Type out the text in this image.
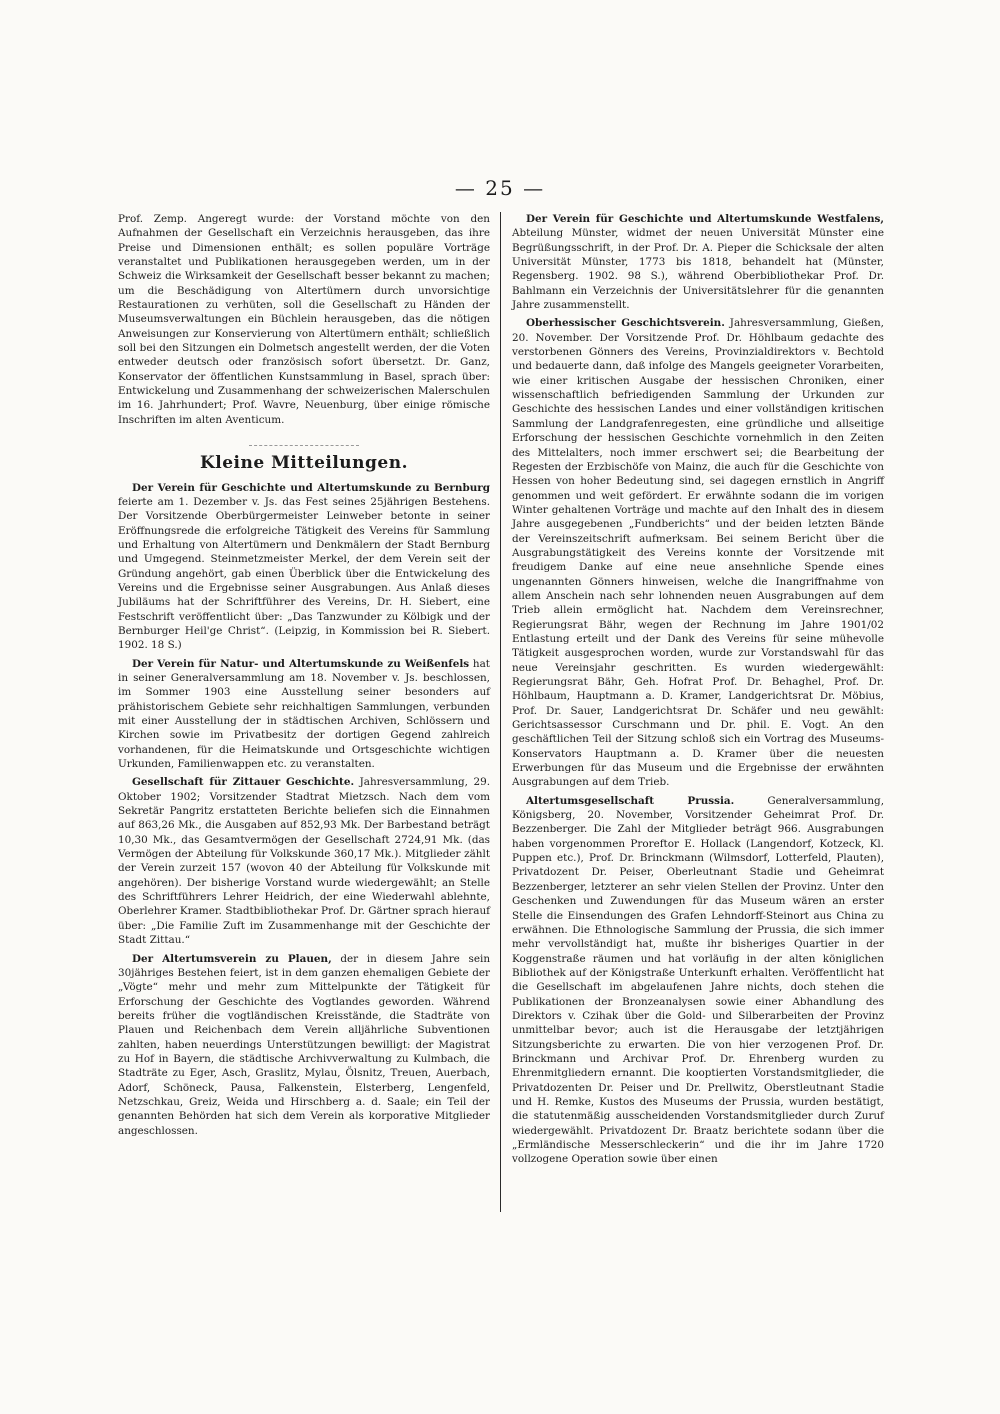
— 25 —

Prof. Zemp. Angeregt wurde: der Vorstand möchte von den Aufnahmen der Gesellschaft ein Verzeichnis herausgeben, das ihre Preise und Dimensionen enthält; es sollen populäre Vorträge veranstaltet und Publikationen herausgegeben werden, um in der Schweiz die Wirksamkeit der Gesellschaft besser bekannt zu machen; um die Beschädigung von Altertümern durch unvorsichtige Restaurationen zu verhüten, soll die Gesellschaft zu Händen der Museumsverwaltungen ein Büchlein herausgeben, das die nötigen Anweisungen zur Konservierung von Altertümern enthält; schließlich soll bei den Sitzungen ein Dolmetsch angestellt werden, der die Voten entweder deutsch oder französisch sofort übersetzt. Dr. Ganz, Konservator der öffentlichen Kunstsammlung in Basel, sprach über: Entwickelung und Zusammenhang der schweizerischen Malerschulen im 16. Jahrhundert; Prof. Wavre, Neuenburg, über einige römische Inschriften im alten Aventicum.

Kleine Mitteilungen.

Der Verein für Geschichte und Altertumskunde zu Bernburg feierte am 1. Dezember v. Js. das Fest seines 25jährigen Bestehens. Der Vorsitzende Oberbürgermeister Leinweber betonte in seiner Eröffnungsrede die erfolgreiche Tätigkeit des Vereins für Sammlung und Erhaltung von Altertümern und Denkmälern der Stadt Bernburg und Umgegend. Steinmetzmeister Merkel, der dem Verein seit der Gründung angehört, gab einen Überblick über die Entwickelung des Vereins und die Ergebnisse seiner Ausgrabungen. Aus Anlaß dieses Jubiläums hat der Schriftführer des Vereins, Dr. H. Siebert, eine Festschrift veröffentlicht über: „Das Tanzwunder zu Kölbigk und der Bernburger Heil'ge Christ“. (Leipzig, in Kommission bei R. Siebert. 1902. 18 S.)

Der Verein für Natur- und Altertumskunde zu Weißenfels hat in seiner Generalversammlung am 18. November v. Js. beschlossen, im Sommer 1903 eine Ausstellung seiner besonders auf prähistorischem Gebiete sehr reichhaltigen Sammlungen, verbunden mit einer Ausstellung der in städtischen Archiven, Schlössern und Kirchen sowie im Privatbesitz der dortigen Gegend zahlreich vorhandenen, für die Heimatskunde und Ortsgeschichte wichtigen Urkunden, Familienwappen etc. zu veranstalten.

Gesellschaft für Zittauer Geschichte. Jahresversammlung, 29. Oktober 1902; Vorsitzender Stadtrat Mietzsch. Nach dem vom Sekretär Pangritz erstatteten Berichte beliefen sich die Einnahmen auf 863,26 Mk., die Ausgaben auf 852,93 Mk. Der Barbestand beträgt 10,30 Mk., das Gesamtvermögen der Gesellschaft 2724,91 Mk. (das Vermögen der Abteilung für Volkskunde 360,17 Mk.). Mitglieder zählt der Verein zurzeit 157 (wovon 40 der Abteilung für Volkskunde mit angehören). Der bisherige Vorstand wurde wiedergewählt; an Stelle des Schriftführers Lehrer Heidrich, der eine Wiederwahl ablehnte, Oberlehrer Kramer. Stadtbibliothekar Prof. Dr. Gärtner sprach hierauf über: „Die Familie Zuft im Zusammenhange mit der Geschichte der Stadt Zittau.“

Der Altertumsverein zu Plauen, der in diesem Jahre sein 30jähriges Bestehen feiert, ist in dem ganzen ehemaligen Gebiete der „Vögte“ mehr und mehr zum Mittelpunkte der Tätigkeit für Erforschung der Geschichte des Vogtlandes geworden. Während bereits früher die vogtländischen Kreisstände, die Stadträte von Plauen und Reichenbach dem Verein alljährliche Subventionen zahlten, haben neuerdings Unterstützungen bewilligt: der Magistrat zu Hof in Bayern, die städtische Archivverwaltung zu Kulmbach, die Stadträte zu Eger, Asch, Graslitz, Mylau, Ölsnitz, Treuen, Auerbach, Adorf, Schöneck, Pausa, Falkenstein, Elsterberg, Lengenfeld, Netzschkau, Greiz, Weida und Hirschberg a. d. Saale; ein Teil der genannten Behörden hat sich dem Verein als korporative Mitglieder angeschlossen.

Der Verein für Geschichte und Altertumskunde Westfalens, Abteilung Münster, widmet der neuen Universität Münster eine Begrüßungsschrift, in der Prof. Dr. A. Pieper die Schicksale der alten Universität Münster, 1773 bis 1818, behandelt hat (Münster, Regensberg. 1902. 98 S.), während Oberbibliothekar Prof. Dr. Bahlmann ein Verzeichnis der Universitätslehrer für die genannten Jahre zusammenstellt.

Oberhessischer Geschichtsverein. Jahresversammlung, Gießen, 20. November. Der Vorsitzende Prof. Dr. Höhlbaum gedachte des verstorbenen Gönners des Vereins, Provinzialdirektors v. Bechtold und bedauerte dann, daß infolge des Mangels geeigneter Vorarbeiten, wie einer kritischen Ausgabe der hessischen Chroniken, einer wissenschaftlich befriedigenden Sammlung der Urkunden zur Geschichte des hessischen Landes und einer vollständigen kritischen Sammlung der Landgrafenregesten, eine gründliche und allseitige Erforschung der hessischen Geschichte vornehmlich in den Zeiten des Mittelalters, noch immer erschwert sei; die Bearbeitung der Regesten der Erzbischöfe von Mainz, die auch für die Geschichte von Hessen von hoher Bedeutung sind, sei dagegen ernstlich in Angriff genommen und weit gefördert. Er erwähnte sodann die im vorigen Winter gehaltenen Vorträge und machte auf den Inhalt des in diesem Jahre ausgegebenen „Fundberichts“ und der beiden letzten Bände der Vereinszeitschrift aufmerksam. Bei seinem Bericht über die Ausgrabungstätigkeit des Vereins konnte der Vorsitzende mit freudigem Danke auf eine neue ansehnliche Spende eines ungenannten Gönners hinweisen, welche die Inangriffnahme von allem Anschein nach sehr lohnenden neuen Ausgrabungen auf dem Trieb allein ermöglicht hat. Nachdem dem Vereinsrechner, Regierungsrat Bähr, wegen der Rechnung im Jahre 1901/02 Entlastung erteilt und der Dank des Vereins für seine mühevolle Tätigkeit ausgesprochen worden, wurde zur Vorstandswahl für das neue Vereinsjahr geschritten. Es wurden wiedergewählt: Regierungsrat Bähr, Geh. Hofrat Prof. Dr. Behaghel, Prof. Dr. Höhlbaum, Hauptmann a. D. Kramer, Landgerichtsrat Dr. Möbius, Prof. Dr. Sauer, Landgerichtsrat Dr. Schäfer und neu gewählt: Gerichtsassessor Curschmann und Dr. phil. E. Vogt. An den geschäftlichen Teil der Sitzung schloß sich ein Vortrag des Museums-Konservators Hauptmann a. D. Kramer über die neuesten Erwerbungen für das Museum und die Ergebnisse der erwähnten Ausgrabungen auf dem Trieb.

Altertumsgesellschaft Prussia. Generalversammlung, Königsberg, 20. November, Vorsitzender Geheimrat Prof. Dr. Bezzenberger. Die Zahl der Mitglieder beträgt 966. Ausgrabungen haben vorgenommen Proreftor E. Hollack (Langendorf, Kotzeck, Kl. Puppen etc.), Prof. Dr. Brinckmann (Wilmsdorf, Lotterfeld, Plauten), Privatdozent Dr. Peiser, Oberleutnant Stadie und Geheimrat Bezzenberger, letzterer an sehr vielen Stellen der Provinz. Unter den Geschenken und Zuwendungen für das Museum wären an erster Stelle die Einsendungen des Grafen Lehndorff-Steinort aus China zu erwähnen. Die Ethnologische Sammlung der Prussia, die sich immer mehr vervollständigt hat, mußte ihr bisheriges Quartier in der Koggenstraße räumen und hat vorläufig in der alten königlichen Bibliothek auf der Königstraße Unterkunft erhalten. Veröffentlicht hat die Gesellschaft im abgelaufenen Jahre nichts, doch stehen die Publikationen der Bronzeanalysen sowie einer Abhandlung des Direktors v. Czihak über die Gold- und Silberarbeiten der Provinz unmittelbar bevor; auch ist die Herausgabe der letztjährigen Sitzungsberichte zu erwarten. Die von hier verzogenen Prof. Dr. Brinckmann und Archivar Prof. Dr. Ehrenberg wurden zu Ehrenmitgliedern ernannt. Die kooptierten Vorstandsmitglieder, die Privatdozenten Dr. Peiser und Dr. Prellwitz, Oberstleutnant Stadie und H. Remke, Kustos des Museums der Prussia, wurden bestätigt, die statutenmäßig ausscheidenden Vorstandsmitglieder durch Zuruf wiedergewählt. Privatdozent Dr. Braatz berichtete sodann über die „Ermländische Messerschleckerin“ und die ihr im Jahre 1720 vollzogene Operation sowie über einen
